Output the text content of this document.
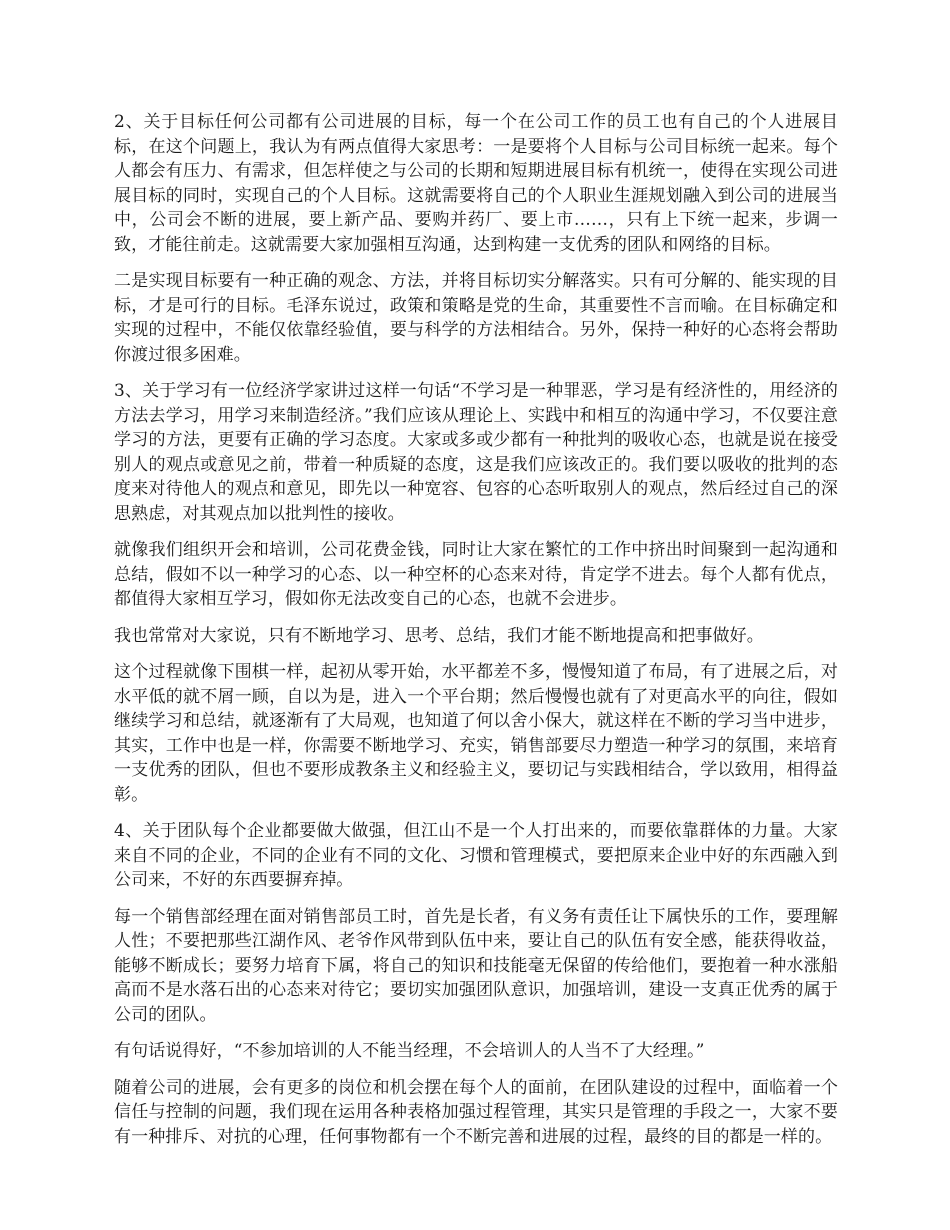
2、关于目标任何公司都有公司进展的目标，每一个在公司工作的员工也有自己的个人进展目标，在这个问题上，我认为有两点值得大家思考：一是要将个人目标与公司目标统一起来。每个人都会有压力、有需求，但怎样使之与公司的长期和短期进展目标有机统一，使得在实现公司进展目标的同时，实现自己的个人目标。这就需要将自己的个人职业生涯规划融入到公司的进展当中，公司会不断的进展，要上新产品、要购并药厂、要上市……，只有上下统一起来，步调一致，才能往前走。这就需要大家加强相互沟通，达到构建一支优秀的团队和网络的目标。

二是实现目标要有一种正确的观念、方法，并将目标切实分解落实。只有可分解的、能实现的目标，才是可行的目标。毛泽东说过，政策和策略是党的生命，其重要性不言而喻。在目标确定和实现的过程中，不能仅依靠经验值，要与科学的方法相结合。另外，保持一种好的心态将会帮助你渡过很多困难。

3、关于学习有一位经济学家讲过这样一句话“不学习是一种罪恶，学习是有经济性的，用经济的方法去学习，用学习来制造经济。”我们应该从理论上、实践中和相互的沟通中学习，不仅要注意学习的方法，更要有正确的学习态度。大家或多或少都有一种批判的吸收心态，也就是说在接受别人的观点或意见之前，带着一种质疑的态度，这是我们应该改正的。我们要以吸收的批判的态度来对待他人的观点和意见，即先以一种宽容、包容的心态听取别人的观点，然后经过自己的深思熟虑，对其观点加以批判性的接收。

就像我们组织开会和培训，公司花费金钱，同时让大家在繁忙的工作中挤出时间聚到一起沟通和总结，假如不以一种学习的心态、以一种空杯的心态来对待，肯定学不进去。每个人都有优点，都值得大家相互学习，假如你无法改变自己的心态，也就不会进步。

我也常常对大家说，只有不断地学习、思考、总结，我们才能不断地提高和把事做好。

这个过程就像下围棋一样，起初从零开始，水平都差不多，慢慢知道了布局，有了进展之后，对水平低的就不屑一顾，自以为是，进入一个平台期；然后慢慢也就有了对更高水平的向往，假如继续学习和总结，就逐渐有了大局观，也知道了何以舍小保大，就这样在不断的学习当中进步，其实，工作中也是一样，你需要不断地学习、充实，销售部要尽力塑造一种学习的氛围，来培育一支优秀的团队，但也不要形成教条主义和经验主义，要切记与实践相结合，学以致用，相得益彰。

4、关于团队每个企业都要做大做强，但江山不是一个人打出来的，而要依靠群体的力量。大家来自不同的企业，不同的企业有不同的文化、习惯和管理模式，要把原来企业中好的东西融入到公司来，不好的东西要摒弃掉。

每一个销售部经理在面对销售部员工时，首先是长者，有义务有责任让下属快乐的工作，要理解人性；不要把那些江湖作风、老爷作风带到队伍中来，要让自己的队伍有安全感，能获得收益，能够不断成长；要努力培育下属，将自己的知识和技能毫无保留的传给他们，要抱着一种水涨船高而不是水落石出的心态来对待它；要切实加强团队意识，加强培训，建设一支真正优秀的属于公司的团队。

有句话说得好，“不参加培训的人不能当经理，不会培训人的人当不了大经理。”

随着公司的进展，会有更多的岗位和机会摆在每个人的面前，在团队建设的过程中，面临着一个信任与控制的问题，我们现在运用各种表格加强过程管理，其实只是管理的手段之一，大家不要有一种排斥、对抗的心理，任何事物都有一个不断完善和进展的过程，最终的目的都是一样的。
